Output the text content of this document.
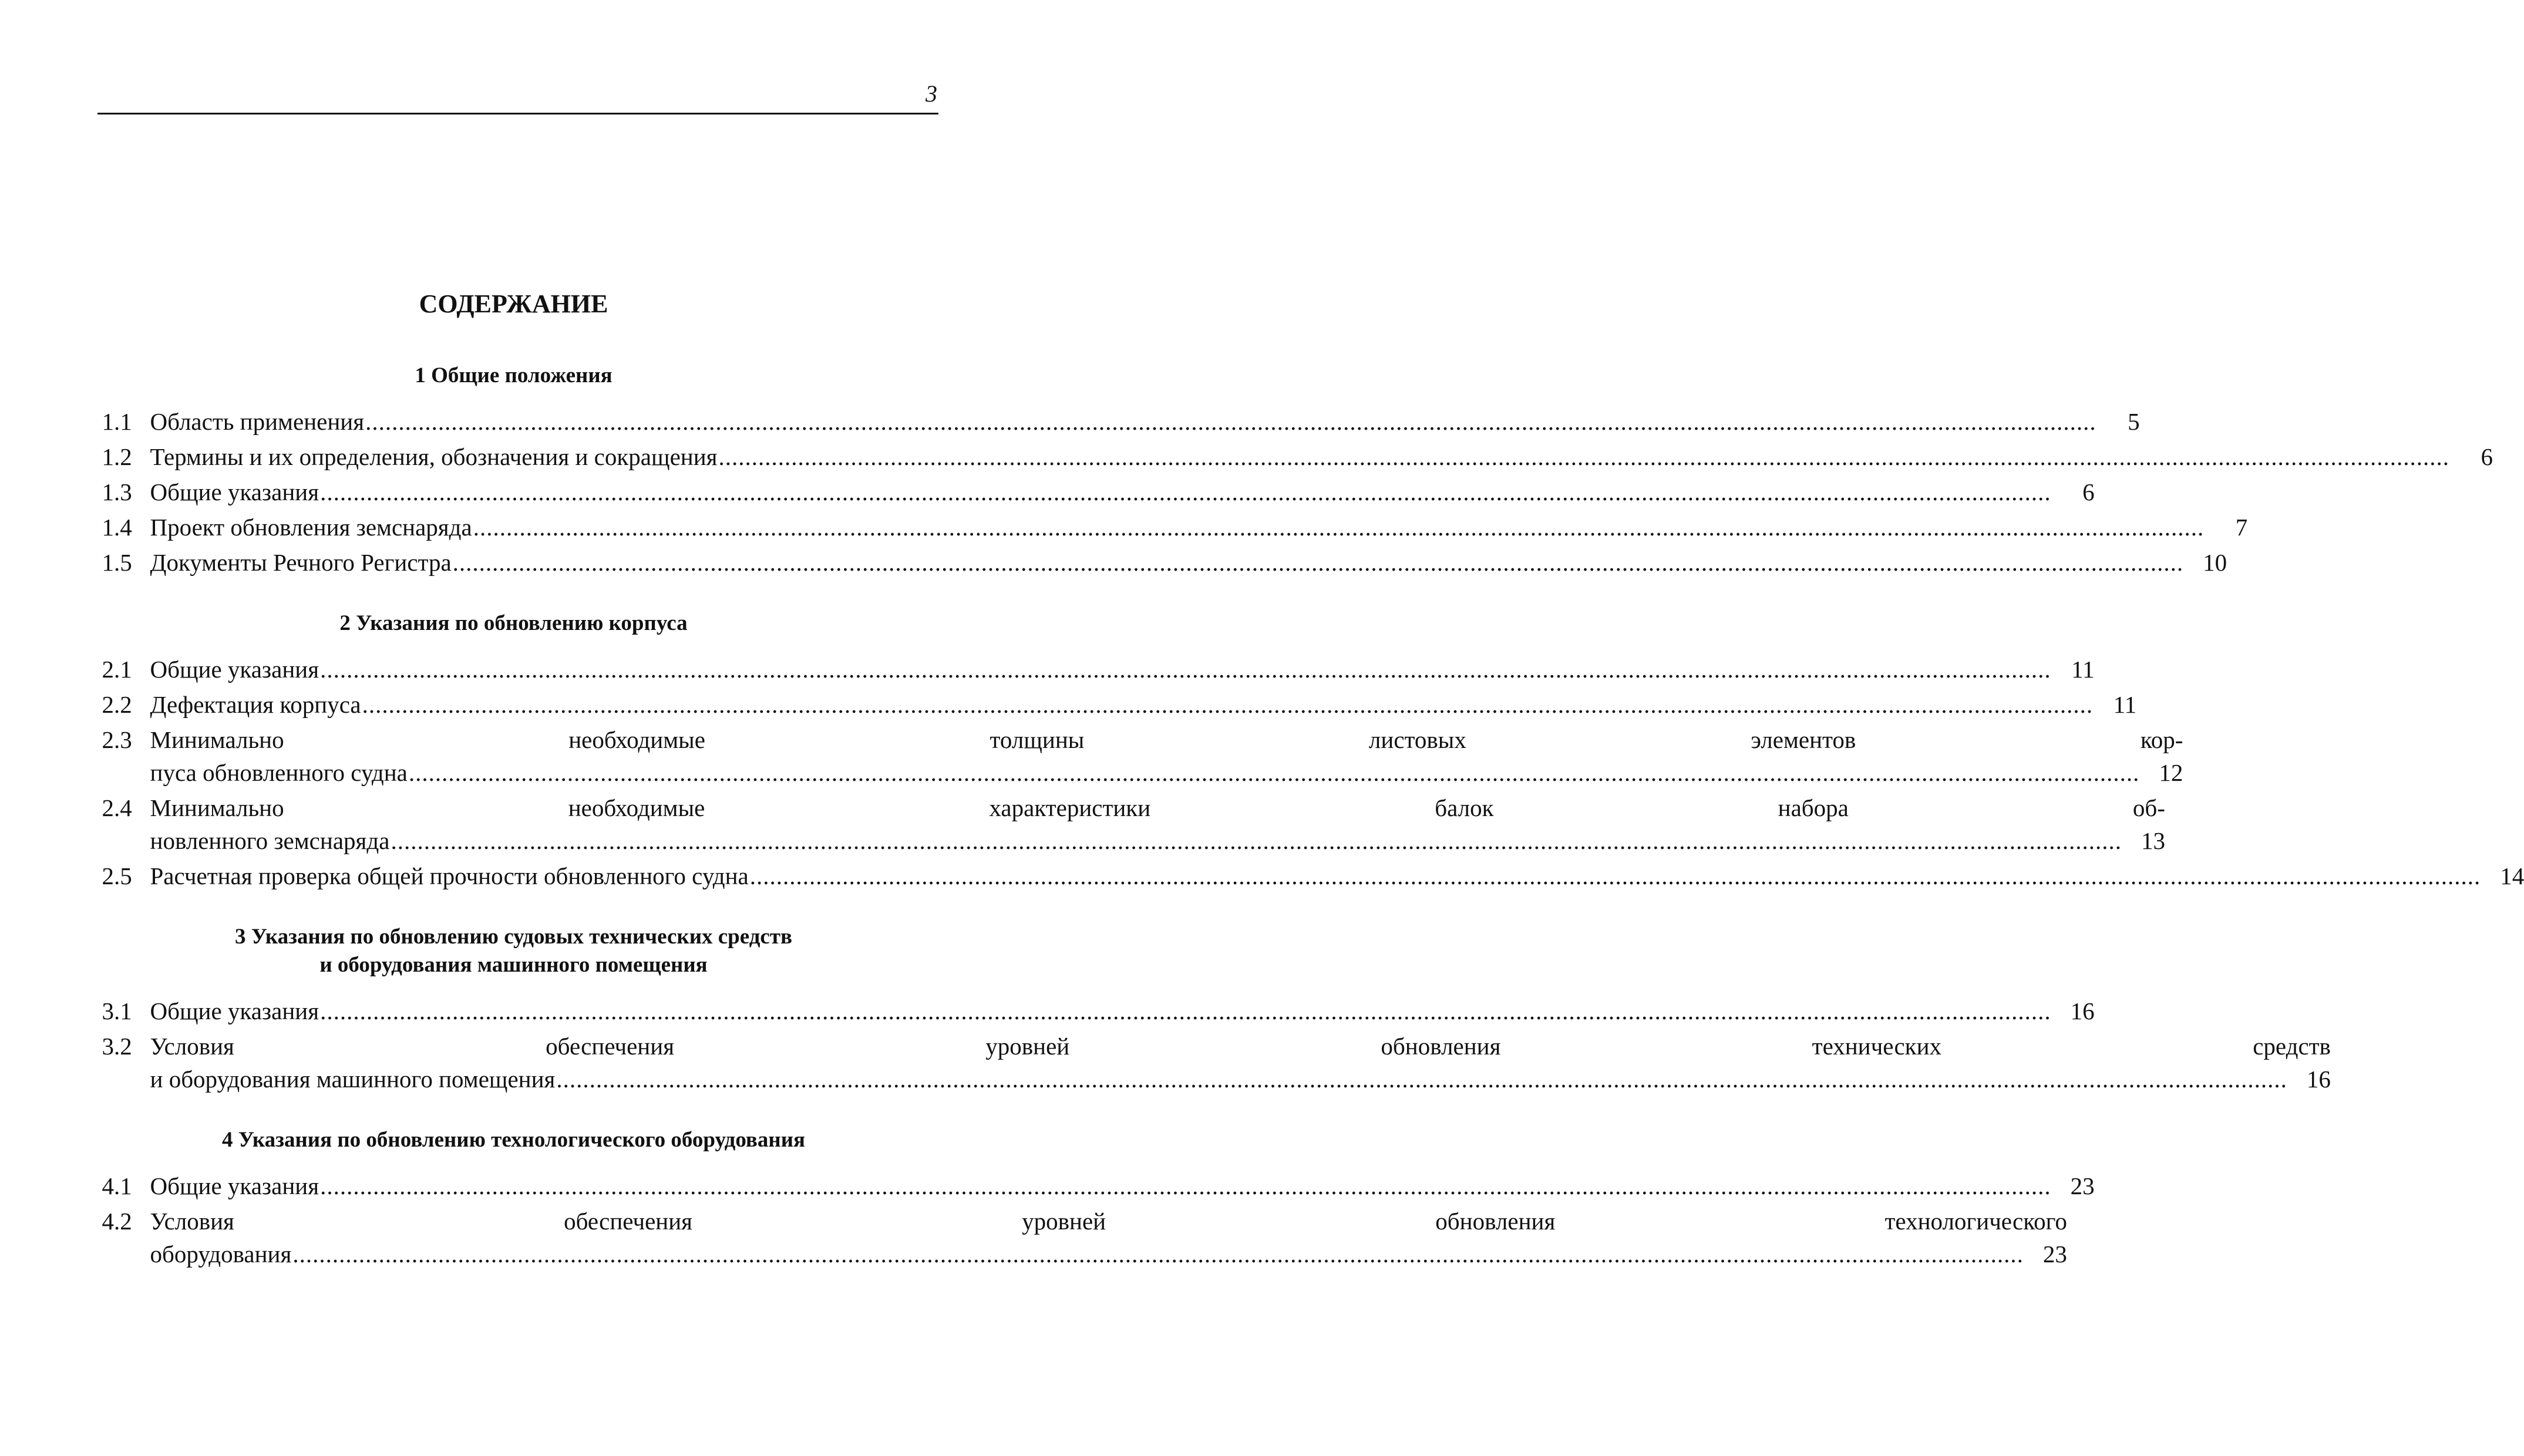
3
СОДЕРЖАНИЕ
1 Общие положения
1.1 Область применения .....	5
1.2 Термины и их определения, обозначения и сокращения .....	6
1.3 Общие указания .....	6
1.4 Проект обновления земснаряда .....	7
1.5 Документы Речного Регистра .....	10
2 Указания по обновлению корпуса
2.1 Общие указания .....	11
2.2 Дефектация корпуса .....	11
2.3 Минимально необходимые толщины листовых элементов кор-
пуса обновленного судна .....	12
2.4 Минимально необходимые характеристики балок набора об-
новленного земснаряда .....	13
2.5 Расчетная проверка общей прочности обновленного судна .....	14
3 Указания по обновлению судовых технических средств
и оборудования машинного помещения
3.1 Общие указания .....	16
3.2 Условия обеспечения уровней обновления технических средств
и оборудования машинного помещения .....	16
4 Указания по обновлению технологического оборудования
4.1 Общие указания .....	23
4.2 Условия обеспечения уровней обновления технологического
оборудования .....	23
